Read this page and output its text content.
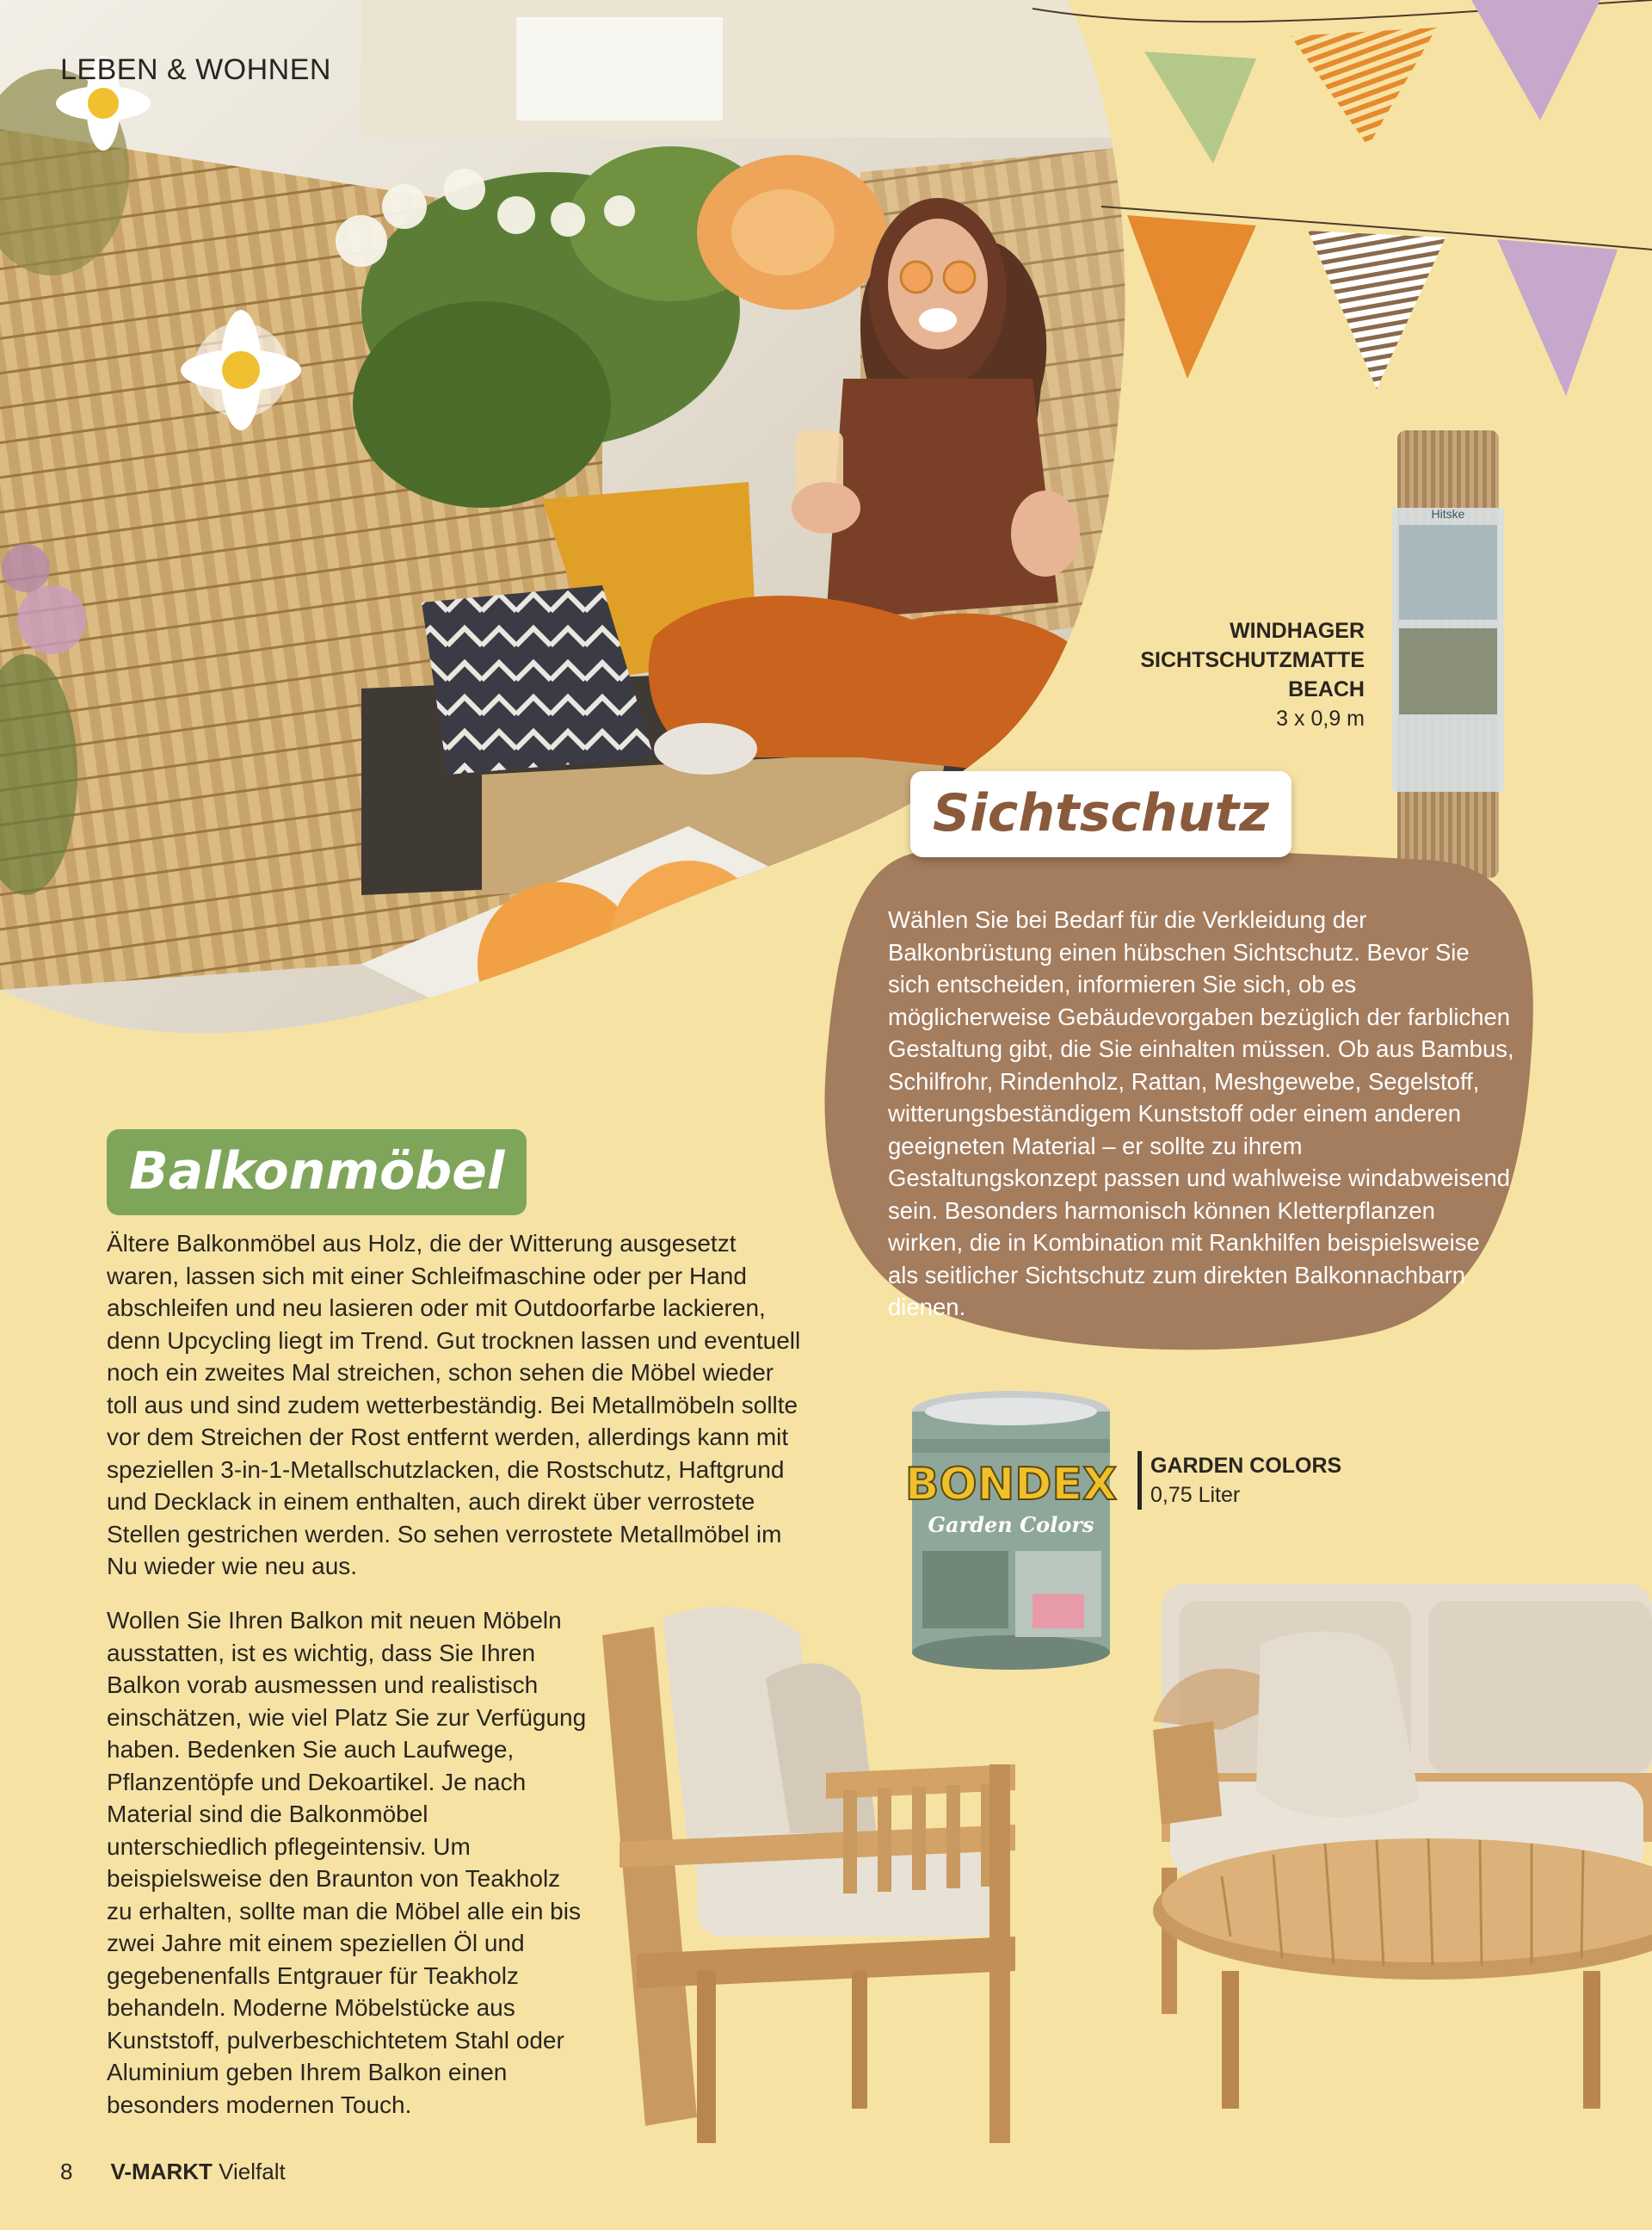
LEBEN & WOHNEN
Hitske
WINDHAGER
SICHTSCHUTZMATTE
BEACH
3 x 0,9 m
Sichtschutz

Wählen Sie bei Bedarf für die Verkleidung der Balkonbrüstung einen hübschen Sichtschutz. Bevor Sie sich entscheiden, informieren Sie sich, ob es möglicherweise Gebäudevorgaben bezüglich der farblichen Gestaltung gibt, die Sie einhalten müssen. Ob aus Bambus, Schilfrohr, Rindenholz, Rattan, Meshgewebe, Segelstoff, witterungsbeständigem Kunststoff oder einem anderen geeigneten Material – er sollte zu ihrem Gestaltungskonzept passen und wahlweise windabweisend sein. Besonders harmonisch können Kletterpflanzen wirken, die in Kombination mit Rankhilfen beispielsweise als seitlicher Sichtschutz zum direkten Balkonnachbarn dienen.

Balkonmöbel

Ältere Balkonmöbel aus Holz, die der Witterung ausgesetzt waren, lassen sich mit einer Schleifmaschine oder per Hand abschleifen und neu lasieren oder mit Outdoorfarbe lackieren, denn Upcycling liegt im Trend. Gut trocknen lassen und eventuell noch ein zweites Mal streichen, schon sehen die Möbel wieder toll aus und sind zudem wetterbeständig. Bei Metallmöbeln sollte vor dem Streichen der Rost entfernt werden, allerdings kann mit speziellen 3-in-1-Metallschutzlacken, die Rostschutz, Haftgrund und Decklack in einem enthalten, auch direkt über verrostete Stellen gestrichen werden. So sehen verrostete Metallmöbel im Nu wieder wie neu aus.

Wollen Sie Ihren Balkon mit neuen Möbeln ausstatten, ist es wichtig, dass Sie Ihren Balkon vorab ausmessen und realistisch einschätzen, wie viel Platz Sie zur Verfügung haben. Bedenken Sie auch Laufwege, Pflanzentöpfe und Dekoartikel. Je nach Material sind die Balkonmöbel unterschiedlich pflegeintensiv. Um beispielsweise den Braunton von Teakholz zu erhalten, sollte man die Möbel alle ein bis zwei Jahre mit einem speziellen Öl und gegebenenfalls Entgrauer für Teakholz behandeln. Moderne Möbelstücke aus Kunststoff, pulverbeschichtetem Stahl oder Aluminium geben Ihrem Balkon einen besonders modernen Touch.

BONDEX
Garden Colors
GARDEN COLORS
0,75 Liter
8 V-MARKT Vielfalt
